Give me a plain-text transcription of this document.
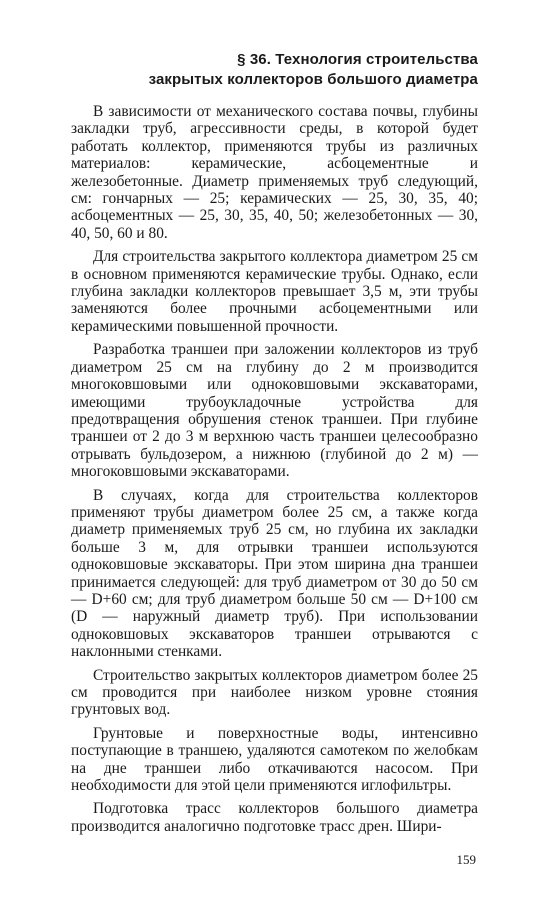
§ 36. Технология строительства
закрытых коллекторов большого диаметра

В зависимости от механического состава почвы, глубины закладки труб, агрессивности среды, в которой будет работать коллектор, применяются трубы из различных материалов: керамические, асбоцементные и железобетонные. Диаметр применяемых труб следующий, см: гончарных — 25; керамических — 25, 30, 35, 40; асбоцементных — 25, 30, 35, 40, 50; железобетонных — 30, 40, 50, 60 и 80.

Для строительства закрытого коллектора диаметром 25 см в основном применяются керамические трубы. Однако, если глубина закладки коллекторов превышает 3,5 м, эти трубы заменяются более прочными асбоцементными или керамическими повышенной прочности.

Разработка траншеи при заложении коллекторов из труб диаметром 25 см на глубину до 2 м производится многоковшовыми или одноковшовыми экскаваторами, имеющими трубоукладочные устройства для предотвращения обрушения стенок траншеи. При глубине траншеи от 2 до 3 м верхнюю часть траншеи целесообразно отрывать бульдозером, а нижнюю (глубиной до 2 м) — многоковшовыми экскаваторами.

В случаях, когда для строительства коллекторов применяют трубы диаметром более 25 см, а также когда диаметр применяемых труб 25 см, но глубина их закладки больше 3 м, для отрывки траншеи используются одноковшовые экскаваторы. При этом ширина дна траншеи принимается следующей: для труб диаметром от 30 до 50 см — D+60 см; для труб диаметром больше 50 см — D+100 см (D — наружный диаметр труб). При использовании одноковшовых экскаваторов траншеи отрываются с наклонными стенками.

Строительство закрытых коллекторов диаметром более 25 см проводится при наиболее низком уровне стояния грунтовых вод.

Грунтовые и поверхностные воды, интенсивно поступающие в траншею, удаляются самотеком по желобкам на дне траншеи либо откачиваются насосом. При необходимости для этой цели применяются иглофильтры.

Подготовка трасс коллекторов большого диаметра производится аналогично подготовке трасс дрен. Шири-

159
